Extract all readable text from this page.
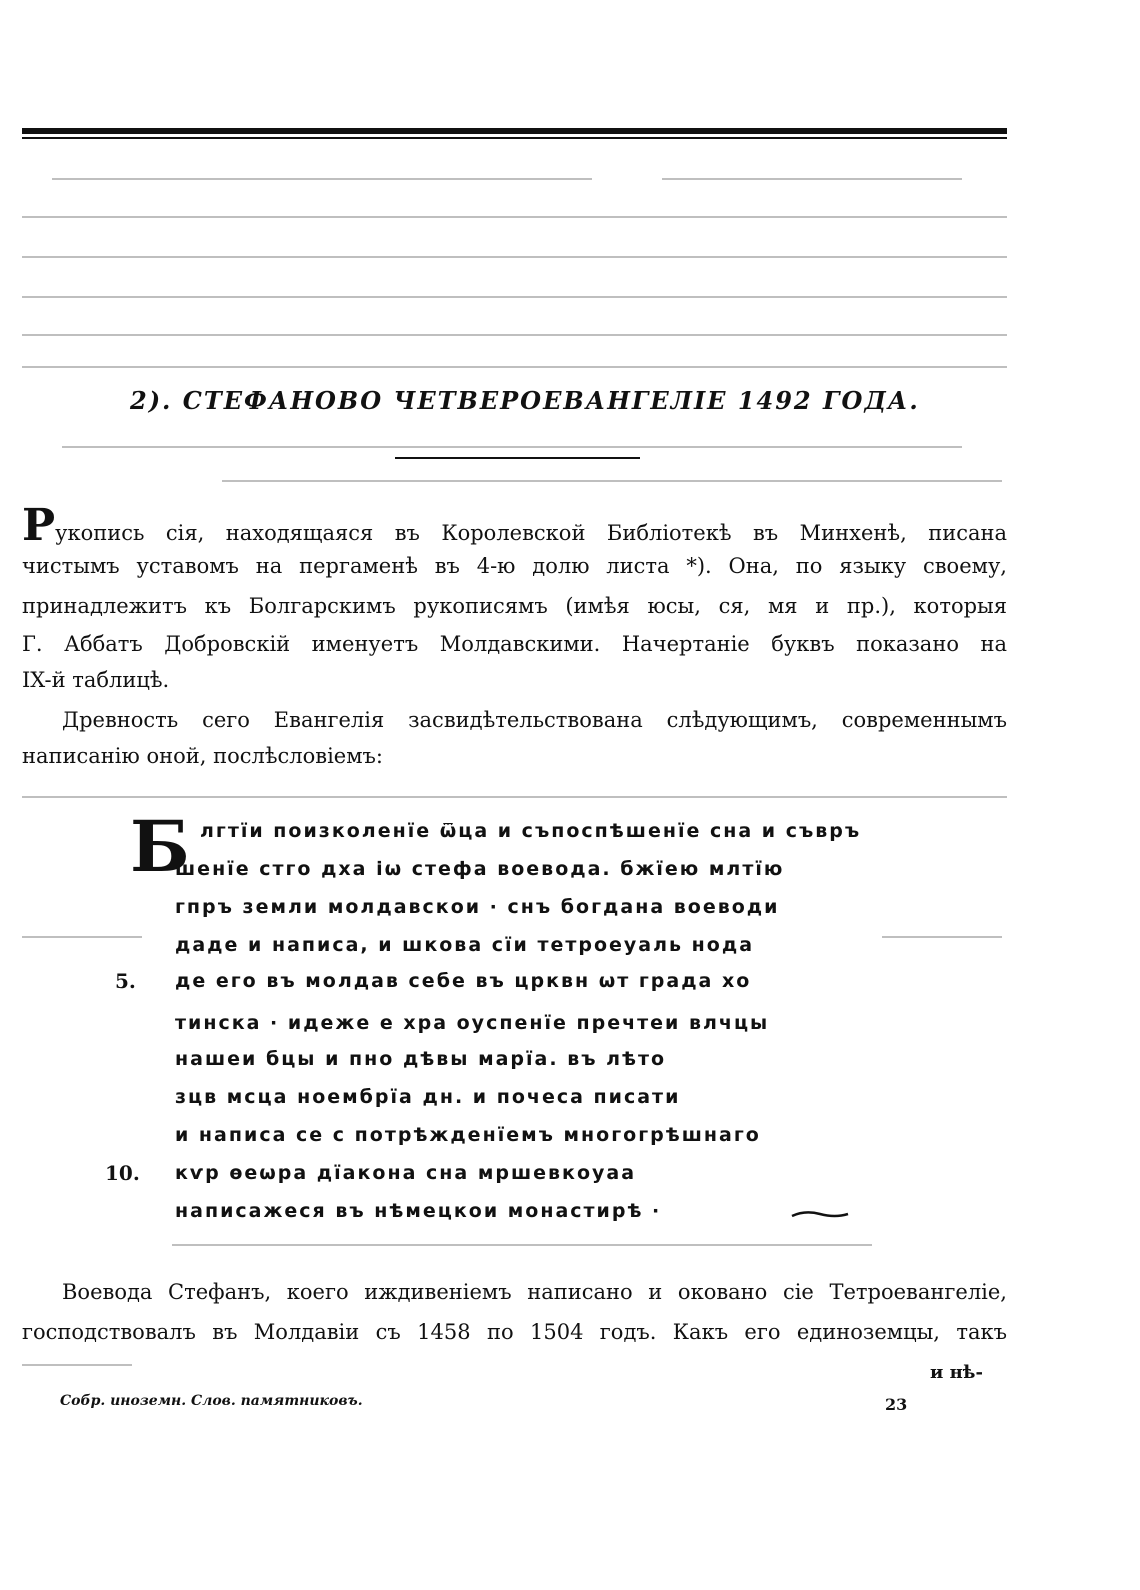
2). СТЕФАНОВО ЧЕТВЕРОЕВАНГЕЛІЕ 1492 ГОДА.
Рукопись сія, находящаяся въ Королевской Библіотекѣ въ Минхенѣ, писана
чистымъ уставомъ на пергаменѣ въ 4-ю долю листа *). Она, по языку своему,
принадлежитъ къ Болгарскимъ рукописямъ (имѣя юсы, ся, мя и пр.), которыя
Г. Аббатъ Добровскій именуетъ Молдавскими. Начертаніе буквъ показано на
IX-й таблицѣ.
Древность сего Евангелія засвидѣтельствована слѣдующимъ, современнымъ
написанію оной, послѣсловіемъ:
Б лгтїи поизколенїе ѿца и съпоспѣшенїе сна и съвръ
шенїе стго дха іѡ стефа воевода. бжїею млтїю
гпръ земли молдавскои · снъ богдана воеводи
даде и написа, и шкова сїи тетроеуаль нода
5.	де его въ молдав себе въ црквн ѡт града хо
тинска · идеже е хра оуспенїе пречтеи влчцы
нашеи бцы и пно дѣвы марїа. въ лѣто
зцв мсца ноембрїа дн. и почеса писати
и написа се с потрѣжденїемъ многогрѣшнаго
10. кѵр ѳеѡра дїакона сна мршевкоуаа
написажеся въ нѣмецкои монастирѣ ·
Воевода Стефанъ, коего иждивеніемъ написано и оковано сіе Тетроевангеліе,
господствовалъ въ Молдавіи съ 1458 по 1504 годъ. Какъ его единоземцы, такъ
и нѣ-
Собр. иноземн. Слов. памятниковъ.	23
